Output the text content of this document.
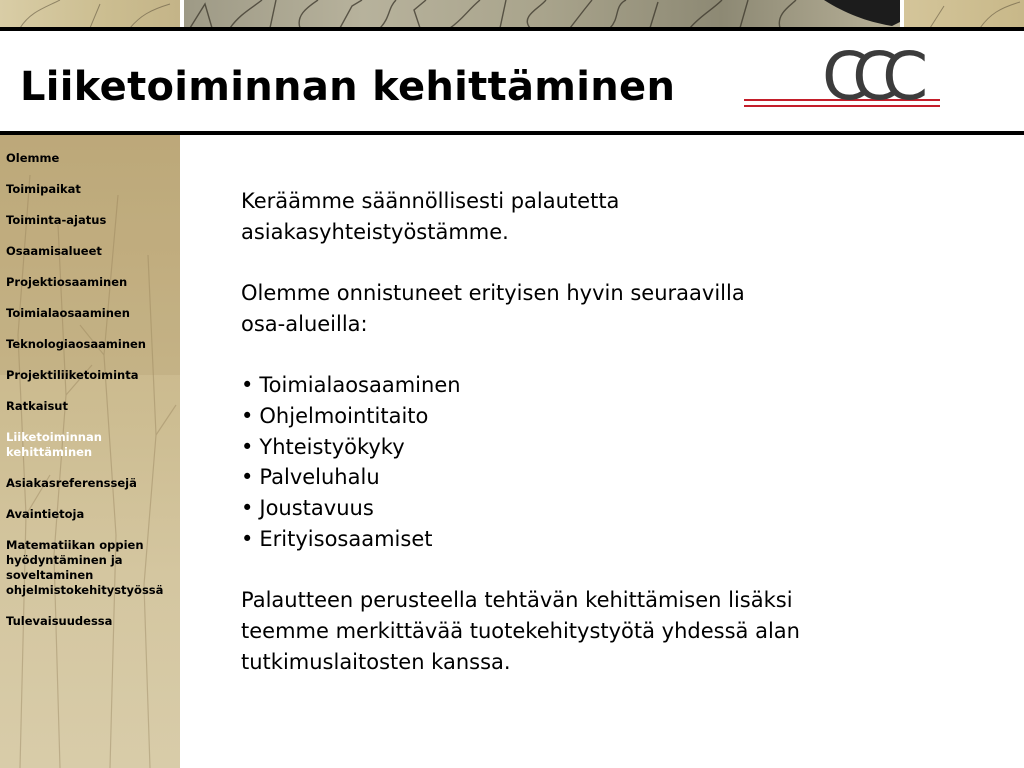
Liiketoiminnan kehittäminen CCC
Olemme
Toimipaikat
Toiminta-ajatus
Osaamisalueet
Projektiosaaminen
Toimialaosaaminen
Teknologiaosaaminen
Projektiliiketoiminta
Ratkaisut
Liiketoiminnan kehittäminen
Asiakasreferenssejä
Avaintietoja
Matematiikan oppien hyödyntäminen ja soveltaminen ohjelmistokehitystyössä
Tulevaisuudessa

Keräämme säännöllisesti palautetta
asiakasyhteistyöstämme.

Olemme onnistuneet erityisen hyvin seuraavilla
osa-alueilla:

• Toimialaosaaminen
• Ohjelmointitaito
• Yhteistyökyky
• Palveluhalu
• Joustavuus
• Erityisosaamiset

Palautteen perusteella tehtävän kehittämisen lisäksi
teemme merkittävää tuotekehitystyötä yhdessä alan
tutkimuslaitosten kanssa.
